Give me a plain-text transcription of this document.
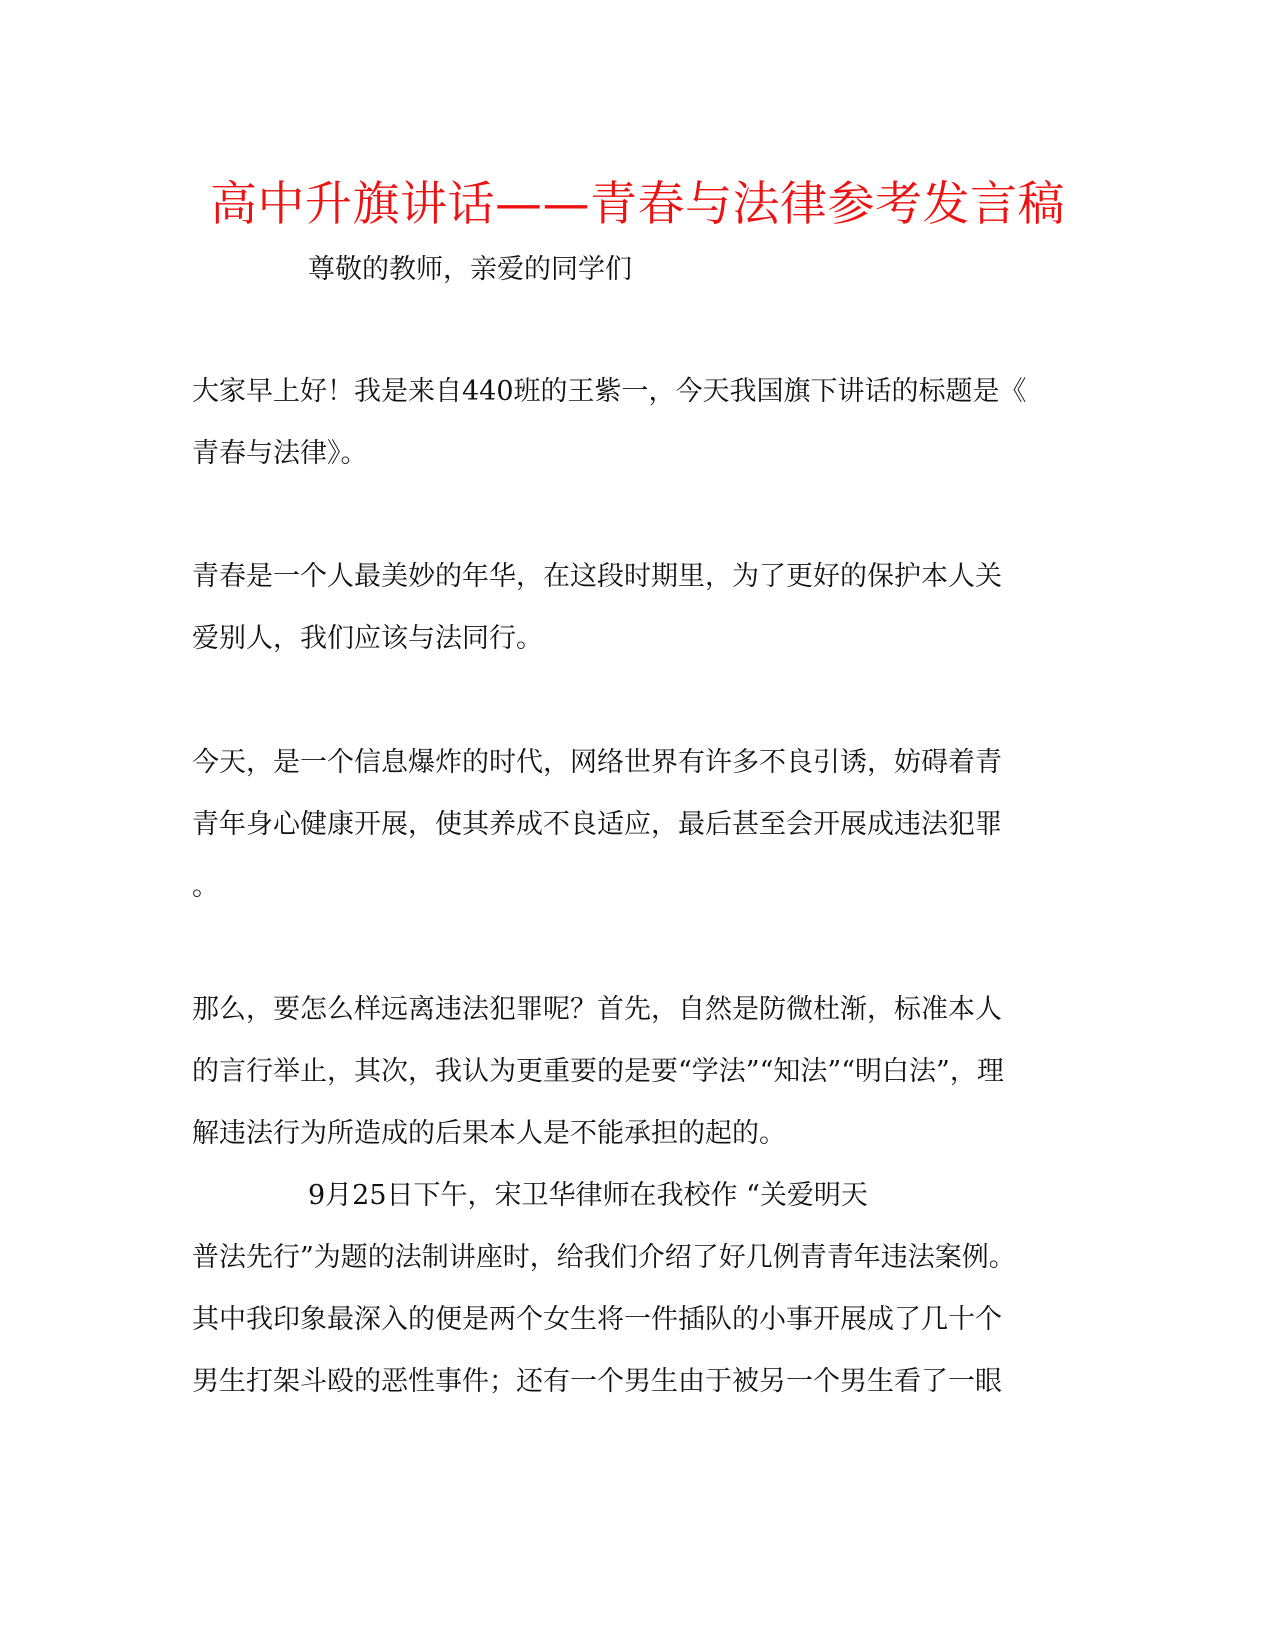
高中升旗讲话——青春与法律参考发言稿
尊敬的教师，亲爱的同学们
大家早上好！我是来自440班的王紫一，今天我国旗下讲话的标题是《
青春与法律》。
青春是一个人最美妙的年华，在这段时期里，为了更好的保护本人关
爱别人，我们应该与法同行。
今天，是一个信息爆炸的时代，网络世界有许多不良引诱，妨碍着青
青年身心健康开展，使其养成不良适应，最后甚至会开展成违法犯罪
。
那么，要怎么样远离违法犯罪呢？首先，自然是防微杜渐，标准本人
的言行举止，其次，我认为更重要的是要“学法”“知法”“明白法”，理
解违法行为所造成的后果本人是不能承担的起的。
9月25日下午，宋卫华律师在我校作 “关爱明天
普法先行”为题的法制讲座时，给我们介绍了好几例青青年违法案例。
其中我印象最深入的便是两个女生将一件插队的小事开展成了几十个
男生打架斗殴的恶性事件；还有一个男生由于被另一个男生看了一眼
